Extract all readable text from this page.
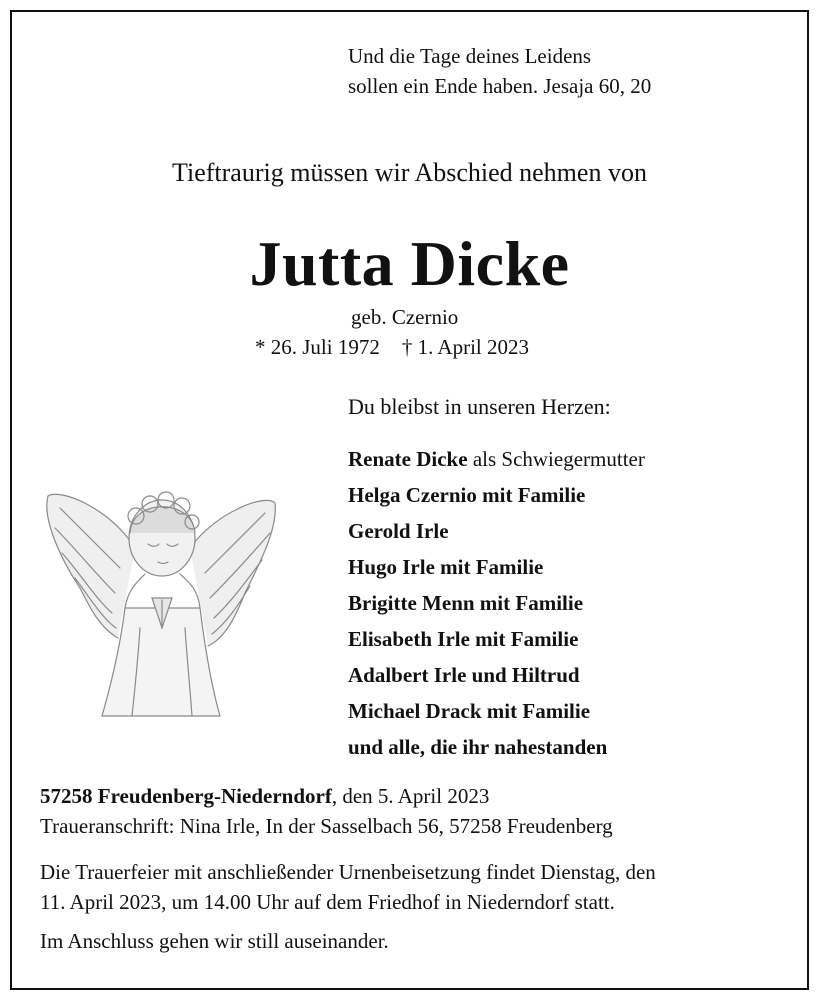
Und die Tage deines Leidens
sollen ein Ende haben. Jesaja 60, 20
Tieftraurig müssen wir Abschied nehmen von
Jutta Dicke
geb. Czernio
* 26. Juli 1972 † 1. April 2023
Du bleibst in unseren Herzen:
Renate Dicke als Schwiegermutter
Helga Czernio mit Familie
Gerold Irle
Hugo Irle mit Familie
Brigitte Menn mit Familie
Elisabeth Irle mit Familie
Adalbert Irle und Hiltrud
Michael Drack mit Familie
und alle, die ihr nahestanden
57258 Freudenberg-Niederndorf, den 5. April 2023
Traueranschrift: Nina Irle, In der Sasselbach 56, 57258 Freudenberg
Die Trauerfeier mit anschließender Urnenbeisetzung findet Dienstag, den
11. April 2023, um 14.00 Uhr auf dem Friedhof in Niederndorf statt.
Im Anschluss gehen wir still auseinander.
